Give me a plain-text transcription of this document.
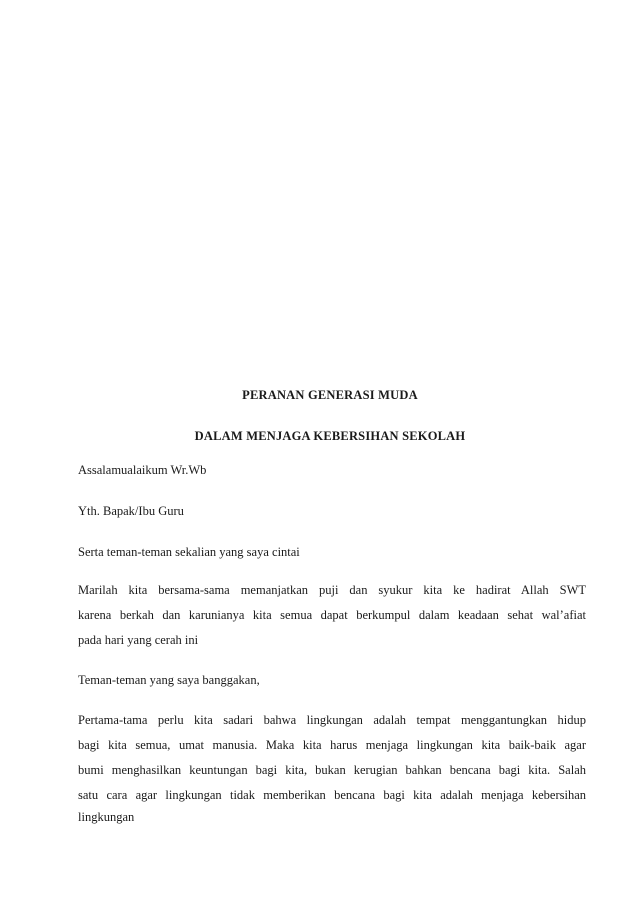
PERANAN GENERASI MUDA
DALAM MENJAGA KEBERSIHAN SEKOLAH
Assalamualaikum Wr.Wb
Yth. Bapak/Ibu Guru
Serta teman-teman sekalian yang saya cintai
Marilah kita bersama-sama memanjatkan puji dan syukur kita ke hadirat Allah SWT
karena berkah dan karunianya kita semua dapat berkumpul dalam keadaan sehat wal’afiat
pada hari yang cerah ini
Teman-teman yang saya banggakan,
Pertama-tama perlu kita sadari bahwa lingkungan adalah tempat menggantungkan hidup
bagi kita semua, umat manusia. Maka kita harus menjaga lingkungan kita baik-baik agar
bumi menghasilkan keuntungan bagi kita, bukan kerugian bahkan bencana bagi kita. Salah
satu cara agar lingkungan tidak memberikan bencana bagi kita adalah menjaga kebersihan
lingkungan
